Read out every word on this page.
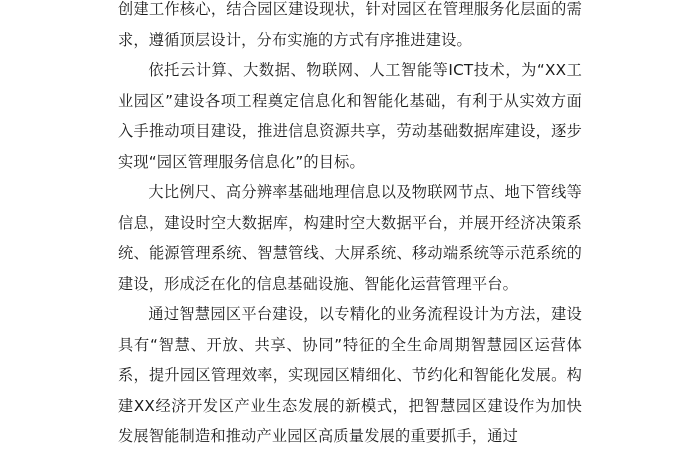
创建工作核心，结合园区建设现状，针对园区在管理服务化层面的需求，遵循顶层设计，分布实施的方式有序推进建设。

依托云计算、大数据、物联网、人工智能等ICT技术，为“XX工业园区”建设各项工程奠定信息化和智能化基础，有利于从实效方面入手推动项目建设，推进信息资源共享，劳动基础数据库建设，逐步实现“园区管理服务信息化”的目标。

大比例尺、高分辨率基础地理信息以及物联网节点、地下管线等信息，建设时空大数据库，构建时空大数据平台，并展开经济决策系统、能源管理系统、智慧管线、大屏系统、移动端系统等示范系统的建设，形成泛在化的信息基础设施、智能化运营管理平台。

通过智慧园区平台建设，以专精化的业务流程设计为方法，建设具有“智慧、开放、共享、协同”特征的全生命周期智慧园区运营体系，提升园区管理效率，实现园区精细化、节约化和智能化发展。构建XX经济开发区产业生态发展的新模式，把智慧园区建设作为加快发展智能制造和推动产业园区高质量发展的重要抓手，通过
